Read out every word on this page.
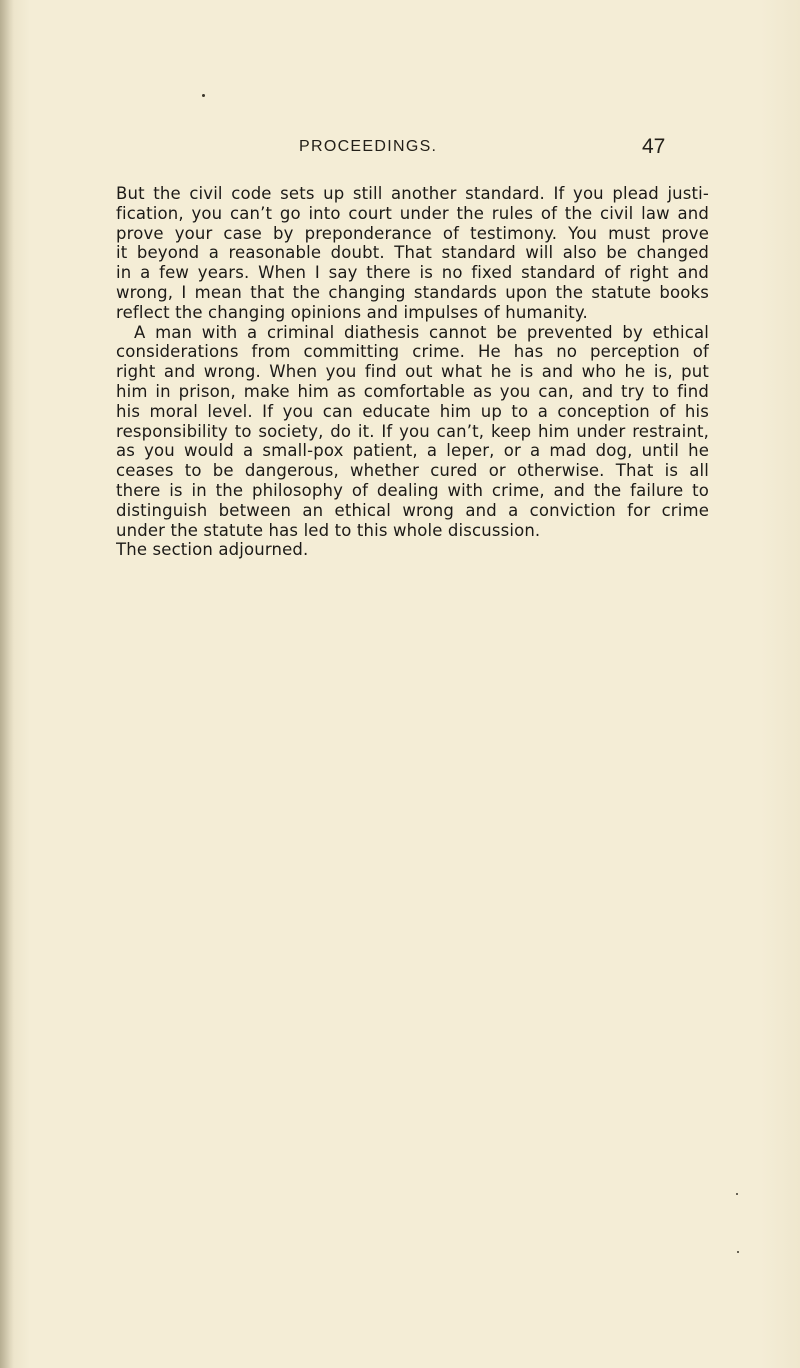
PROCEEDINGS.	47
But the civil code sets up still another standard. If you plead justi-
fication, you can’t go into court under the rules of the civil law and
prove your case by preponderance of testimony. You must prove
it beyond a reasonable doubt. That standard will also be changed
in a few years. When I say there is no fixed standard of right and
wrong, I mean that the changing standards upon the statute books
reflect the changing opinions and impulses of humanity.
A man with a criminal diathesis cannot be prevented by ethical
considerations from committing crime. He has no perception of
right and wrong. When you find out what he is and who he is, put
him in prison, make him as comfortable as you can, and try to find
his moral level. If you can educate him up to a conception of his
responsibility to society, do it. If you can’t, keep him under restraint,
as you would a small-pox patient, a leper, or a mad dog, until he
ceases to be dangerous, whether cured or otherwise. That is all
there is in the philosophy of dealing with crime, and the failure to
distinguish between an ethical wrong and a conviction for crime
under the statute has led to this whole discussion.
The section adjourned.
